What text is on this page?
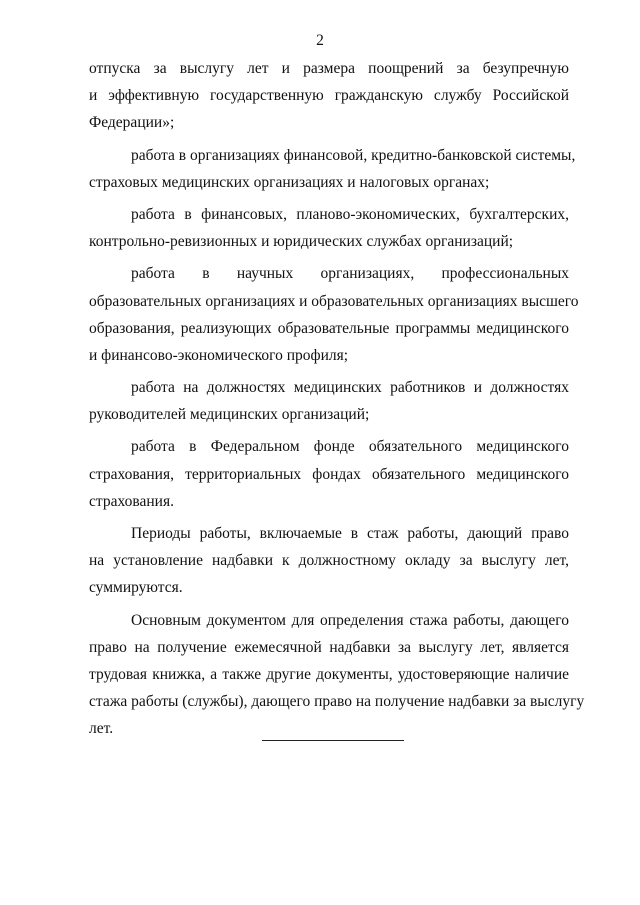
2
отпуска за выслугу лет и размера поощрений за безупречную
и эффективную государственную гражданскую службу Российской
Федерации»;
работа в организациях финансовой, кредитно-банковской системы,
страховых медицинских организациях и налоговых органах;
работа в финансовых, планово-экономических, бухгалтерских,
контрольно-ревизионных и юридических службах организаций;
работа в научных организациях, профессиональных
образовательных организациях и образовательных организациях высшего
образования, реализующих образовательные программы медицинского
и финансово-экономического профиля;
работа на должностях медицинских работников и должностях
руководителей медицинских организаций;
работа в Федеральном фонде обязательного медицинского
страхования, территориальных фондах обязательного медицинского
страхования.
Периоды работы, включаемые в стаж работы, дающий право
на установление надбавки к должностному окладу за выслугу лет,
суммируются.
Основным документом для определения стажа работы, дающего
право на получение ежемесячной надбавки за выслугу лет, является
трудовая книжка, а также другие документы, удостоверяющие наличие
стажа работы (службы), дающего право на получение надбавки за выслугу
лет.
